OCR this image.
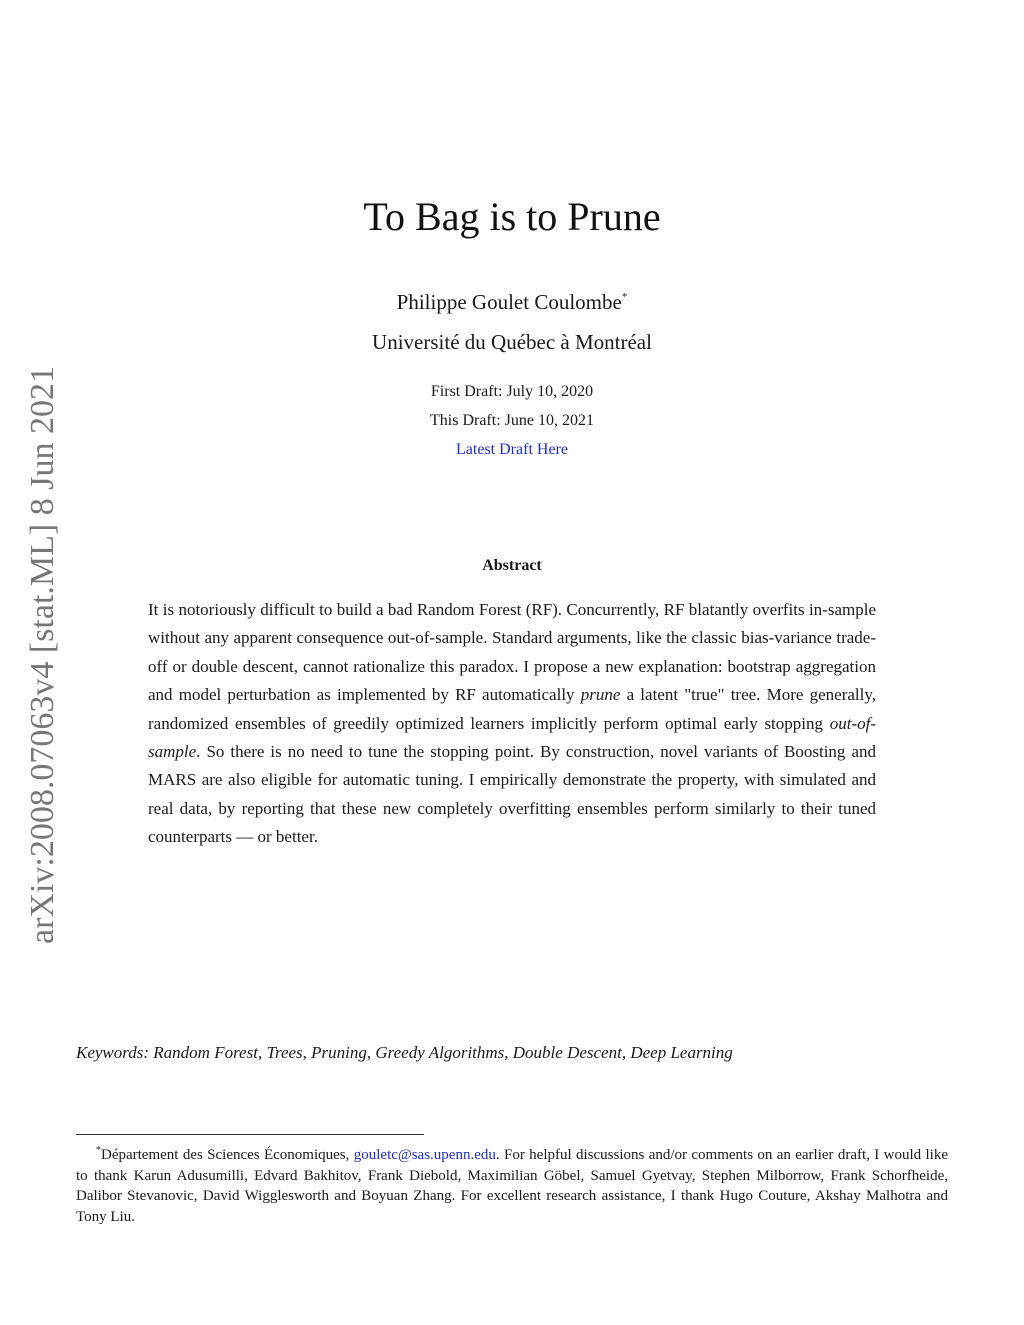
arXiv:2008.07063v4 [stat.ML] 8 Jun 2021
To Bag is to Prune
Philippe Goulet Coulombe*
Université du Québec à Montréal
First Draft: July 10, 2020
This Draft: June 10, 2021
Latest Draft Here
Abstract
It is notoriously difficult to build a bad Random Forest (RF). Concurrently, RF blatantly overfits in-sample without any apparent consequence out-of-sample. Standard arguments, like the classic bias-variance trade-off or double descent, cannot rationalize this paradox. I propose a new explanation: bootstrap aggregation and model perturbation as implemented by RF automatically prune a latent "true" tree. More generally, randomized ensembles of greedily optimized learners implicitly perform optimal early stopping out-of-sample. So there is no need to tune the stopping point. By construction, novel variants of Boosting and MARS are also eligible for automatic tuning. I empirically demonstrate the property, with simulated and real data, by reporting that these new completely overfitting ensembles perform similarly to their tuned counterparts — or better.
Keywords: Random Forest, Trees, Pruning, Greedy Algorithms, Double Descent, Deep Learning
*Département des Sciences Économiques, gouletc@sas.upenn.edu. For helpful discussions and/or comments on an earlier draft, I would like to thank Karun Adusumilli, Edvard Bakhitov, Frank Diebold, Maximilian Göbel, Samuel Gyetvay, Stephen Milborrow, Frank Schorfheide, Dalibor Stevanovic, David Wigglesworth and Boyuan Zhang. For excellent research assistance, I thank Hugo Couture, Akshay Malhotra and Tony Liu.
